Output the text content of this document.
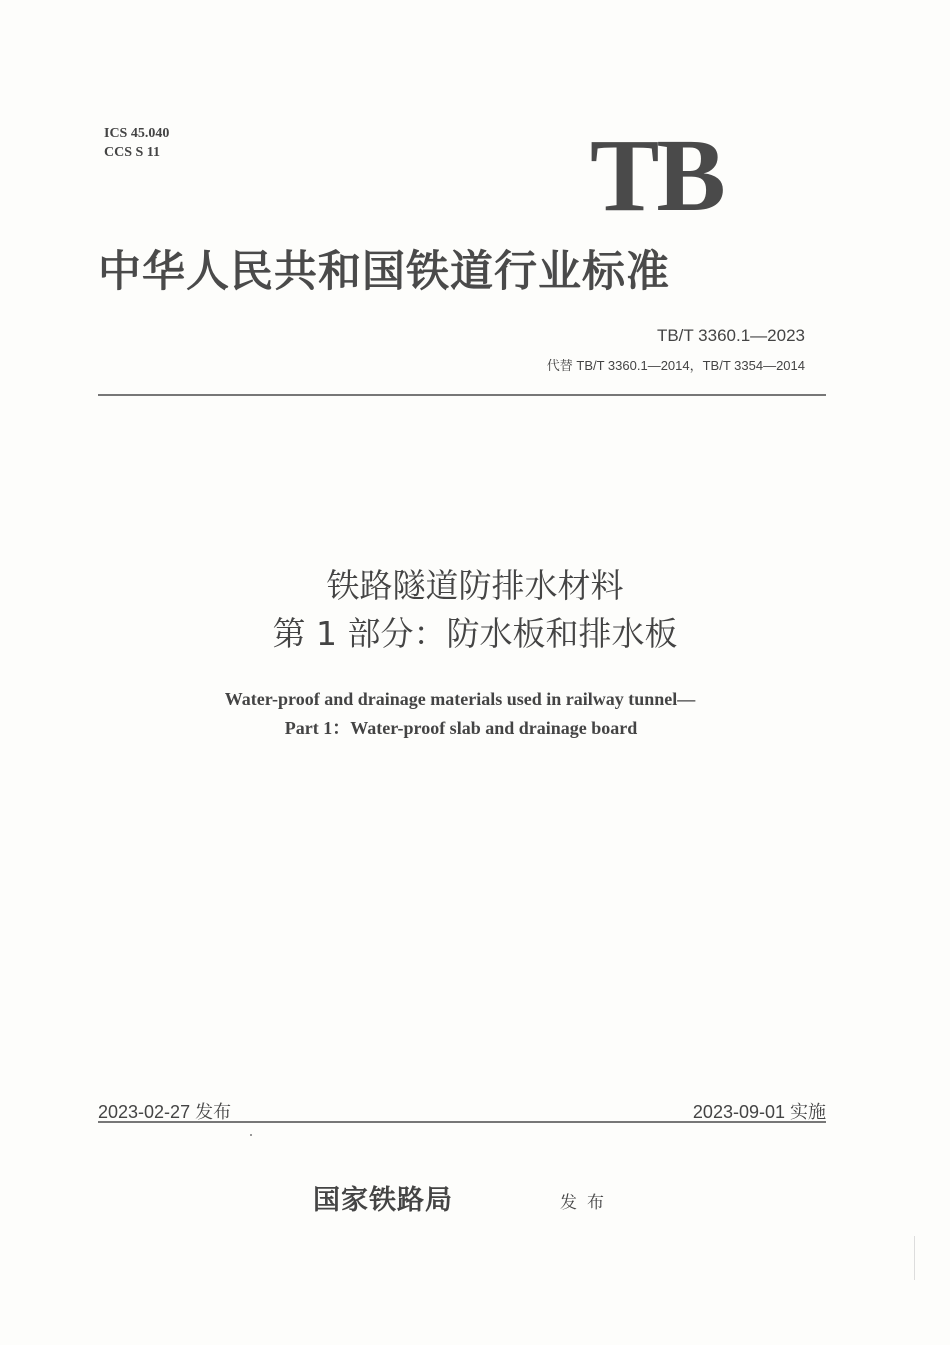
ICS 45.040
CCS S 11	TB
中华人民共和国铁道行业标准
TB/T 3360.1—2023
代替 TB/T 3360.1—2014，TB/T 3354—2014
铁路隧道防排水材料
第 1 部分：防水板和排水板
Water-proof and drainage materials used in railway tunnel—
Part 1：Water-proof slab and drainage board
2023-02-27 发布	2023-09-01 实施
国家铁路局	发布
